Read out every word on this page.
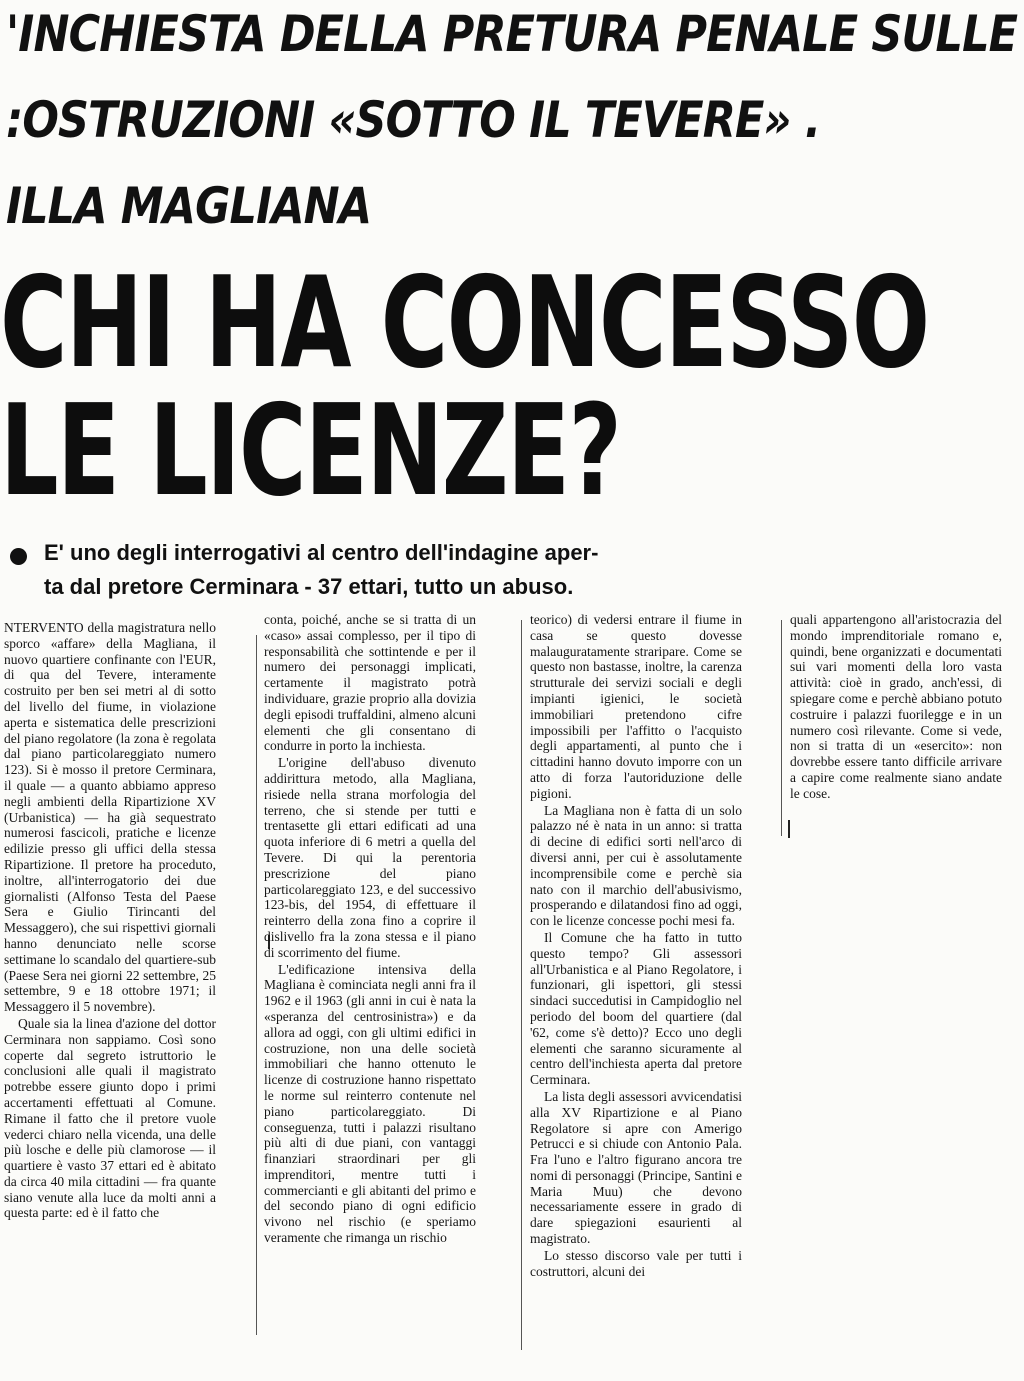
'INCHIESTA DELLA PRETURA PENALE SULLE
:OSTRUZIONI «SOTTO IL TEVERE» .
ILLA MAGLIANA
CHI HA CONCESSO
LE LICENZE?
E' uno degli interrogativi al centro dell'indagine aper-
ta dal pretore Cerminara - 37 ettari, tutto un abuso.

NTERVENTO della magistratura nello sporco «affare» della Magliana, il nuovo quartiere confinante con l'EUR, di qua del Tevere, interamente costruito per ben sei metri al di sotto del livello del fiume, in violazione aperta e sistematica delle prescrizioni del piano regolatore (la zona è regolata dal piano particolareggiato numero 123). Si è mosso il pretore Cerminara, il quale — a quanto abbiamo appreso negli ambienti della Ripartizione XV (Urbanistica) — ha già sequestrato numerosi fascicoli, pratiche e licenze edilizie presso gli uffici della stessa Ripartizione. Il pretore ha proceduto, inoltre, all'interrogatorio dei due giornalisti (Alfonso Testa del Paese Sera e Giulio Tirincanti del Messaggero), che sui rispettivi giornali hanno denunciato nelle scorse settimane lo scandalo del quartiere-sub (Paese Sera nei giorni 22 settembre, 25 settembre, 9 e 18 ottobre 1971; il Messaggero il 5 novembre).

Quale sia la linea d'azione del dottor Cerminara non sappiamo. Così sono coperte dal segreto istruttorio le conclusioni alle quali il magistrato potrebbe essere giunto dopo i primi accertamenti effettuati al Comune. Rimane il fatto che il pretore vuole vederci chiaro nella vicenda, una delle più losche e delle più clamorose — il quartiere è vasto 37 ettari ed è abitato da circa 40 mila cittadini — fra quante siano venute alla luce da molti anni a questa parte: ed è il fatto che

conta, poiché, anche se si tratta di un «caso» assai complesso, per il tipo di responsabilità che sottintende e per il numero dei personaggi implicati, certamente il magistrato potrà individuare, grazie proprio alla dovizia degli episodi truffaldini, almeno alcuni elementi che gli consentano di condurre in porto la inchiesta.

L'origine dell'abuso divenuto addirittura metodo, alla Magliana, risiede nella strana morfologia del terreno, che si stende per tutti e trentasette gli ettari edificati ad una quota inferiore di 6 metri a quella del Tevere. Di qui la perentoria prescrizione del piano particolareggiato 123, e del successivo 123-bis, del 1954, di effettuare il reinterro della zona fino a coprire il dislivello fra la zona stessa e il piano di scorrimento del fiume.

L'edificazione intensiva della Magliana è cominciata negli anni fra il 1962 e il 1963 (gli anni in cui è nata la «speranza del centrosinistra») e da allora ad oggi, con gli ultimi edifici in costruzione, non una delle società immobiliari che hanno ottenuto le licenze di costruzione hanno rispettato le norme sul reinterro contenute nel piano particolareggiato. Di conseguenza, tutti i palazzi risultano più alti di due piani, con vantaggi finanziari straordinari per gli imprenditori, mentre tutti i commercianti e gli abitanti del primo e del secondo piano di ogni edificio vivono nel rischio (e speriamo veramente che rimanga un rischio

teorico) di vedersi entrare il fiume in casa se questo dovesse malauguratamente straripare. Come se questo non bastasse, inoltre, la carenza strutturale dei servizi sociali e degli impianti igienici, le società immobiliari pretendono cifre impossibili per l'affitto o l'acquisto degli appartamenti, al punto che i cittadini hanno dovuto imporre con un atto di forza l'autoriduzione delle pigioni.

La Magliana non è fatta di un solo palazzo né è nata in un anno: si tratta di decine di edifici sorti nell'arco di diversi anni, per cui è assolutamente incomprensibile come e perchè sia nato con il marchio dell'abusivismo, prosperando e dilatandosi fino ad oggi, con le licenze concesse pochi mesi fa.

Il Comune che ha fatto in tutto questo tempo? Gli assessori all'Urbanistica e al Piano Regolatore, i funzionari, gli ispettori, gli stessi sindaci succedutisi in Campidoglio nel periodo del boom del quartiere (dal '62, come s'è detto)? Ecco uno degli elementi che saranno sicuramente al centro dell'inchiesta aperta dal pretore Cerminara.

La lista degli assessori avvicendatisi alla XV Ripartizione e al Piano Regolatore si apre con Amerigo Petrucci e si chiude con Antonio Pala. Fra l'uno e l'altro figurano ancora tre nomi di personaggi (Principe, Santini e Maria Muu) che devono necessariamente essere in grado di dare spiegazioni esaurienti al magistrato.

Lo stesso discorso vale per tutti i costruttori, alcuni dei

quali appartengono all'aristocrazia del mondo imprenditoriale romano e, quindi, bene organizzati e documentati sui vari momenti della loro vasta attività: cioè in grado, anch'essi, di spiegare come e perchè abbiano potuto costruire i palazzi fuorilegge e in un numero così rilevante. Come si vede, non si tratta di un «esercito»: non dovrebbe essere tanto difficile arrivare a capire come realmente siano andate le cose.
